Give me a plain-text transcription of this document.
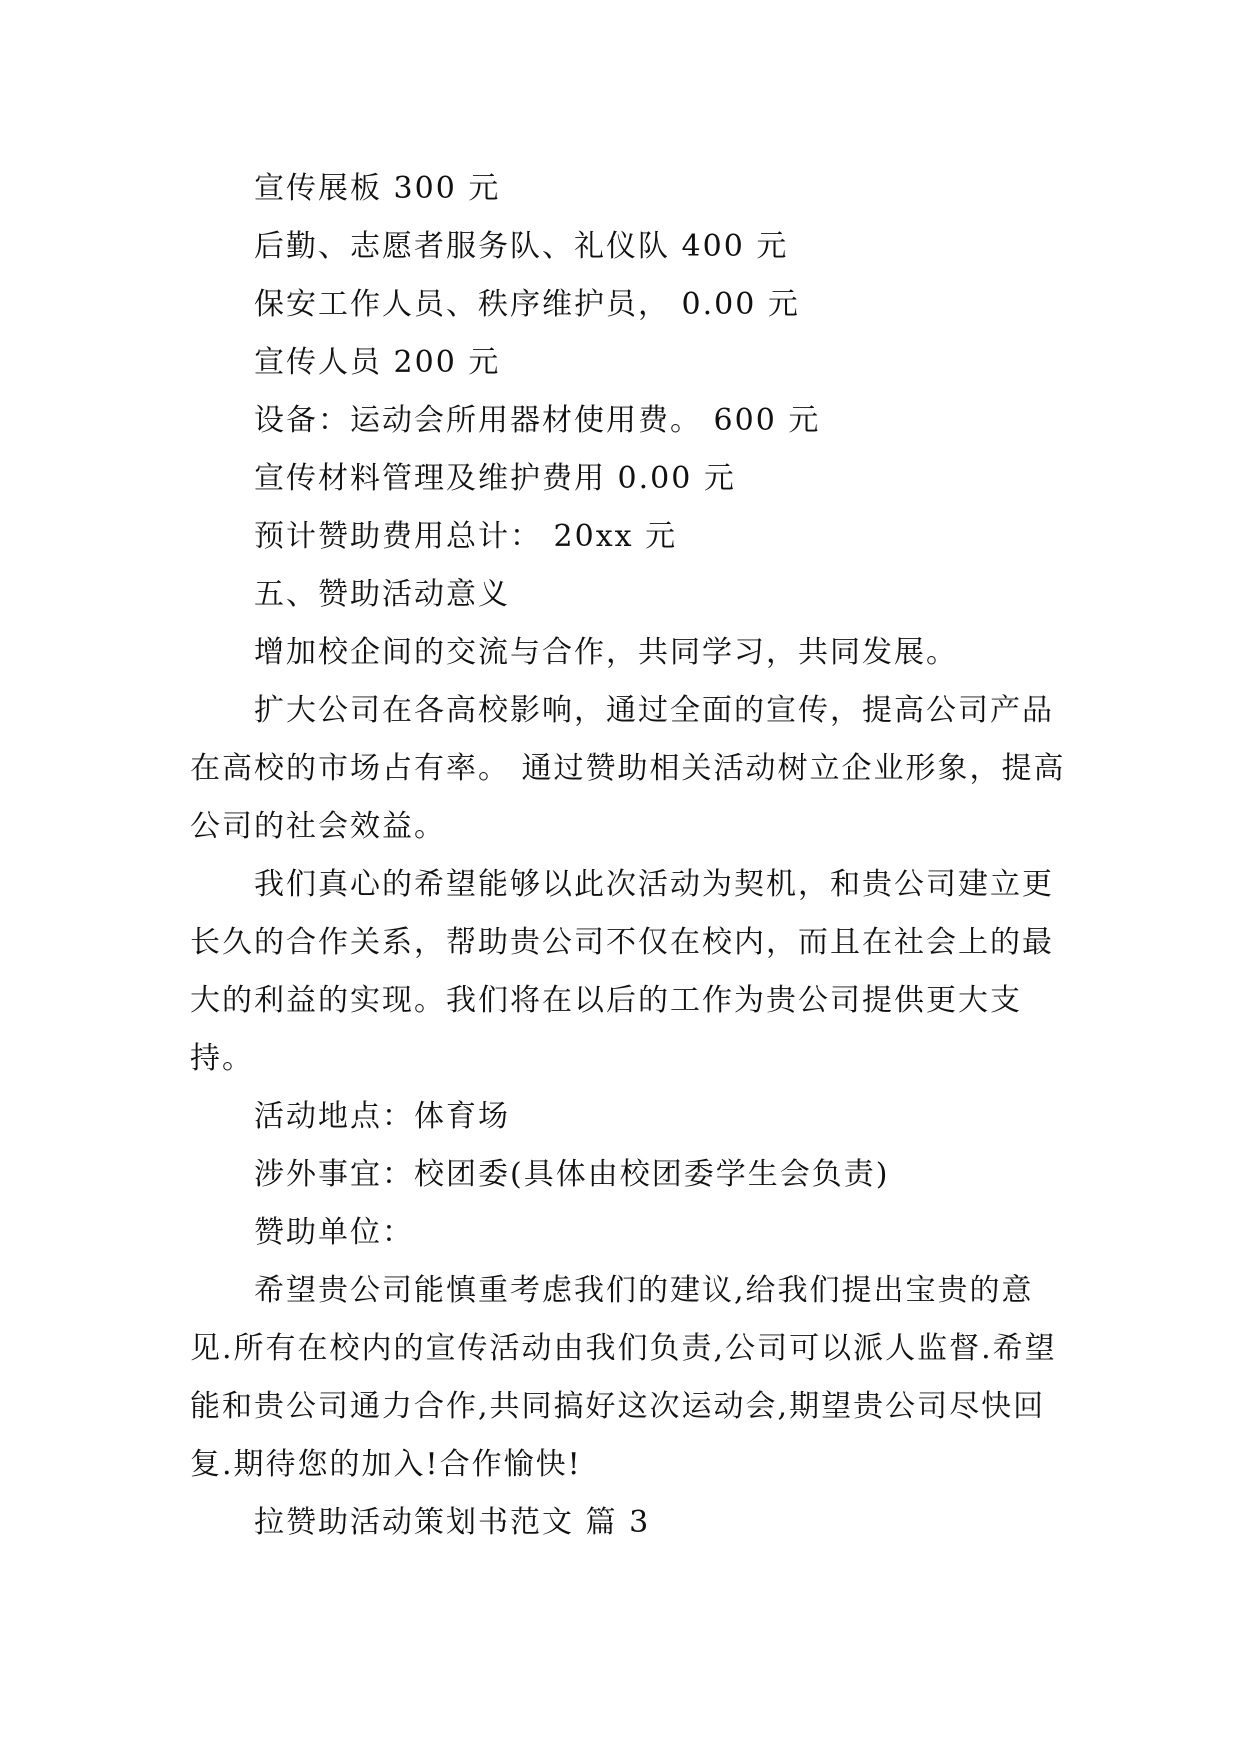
宣传展板 300 元

后勤、志愿者服务队、礼仪队 400 元

保安工作人员、秩序维护员， 0.00 元

宣传人员 200 元

设备：运动会所用器材使用费。 600 元

宣传材料管理及维护费用 0.00 元

预计赞助费用总计： 20xx 元

五、赞助活动意义

增加校企间的交流与合作，共同学习，共同发展。

扩大公司在各高校影响，通过全面的宣传，提高公司产品在高校的市场占有率。 通过赞助相关活动树立企业形象，提高公司的社会效益。

我们真心的希望能够以此次活动为契机，和贵公司建立更长久的合作关系，帮助贵公司不仅在校内，而且在社会上的最大的利益的实现。我们将在以后的工作为贵公司提供更大支持。

活动地点：体育场

涉外事宜：校团委(具体由校团委学生会负责)

赞助单位：

希望贵公司能慎重考虑我们的建议,给我们提出宝贵的意见.所有在校内的宣传活动由我们负责,公司可以派人监督.希望能和贵公司通力合作,共同搞好这次运动会,期望贵公司尽快回复.期待您的加入!合作愉快!

拉赞助活动策划书范文 篇 3
